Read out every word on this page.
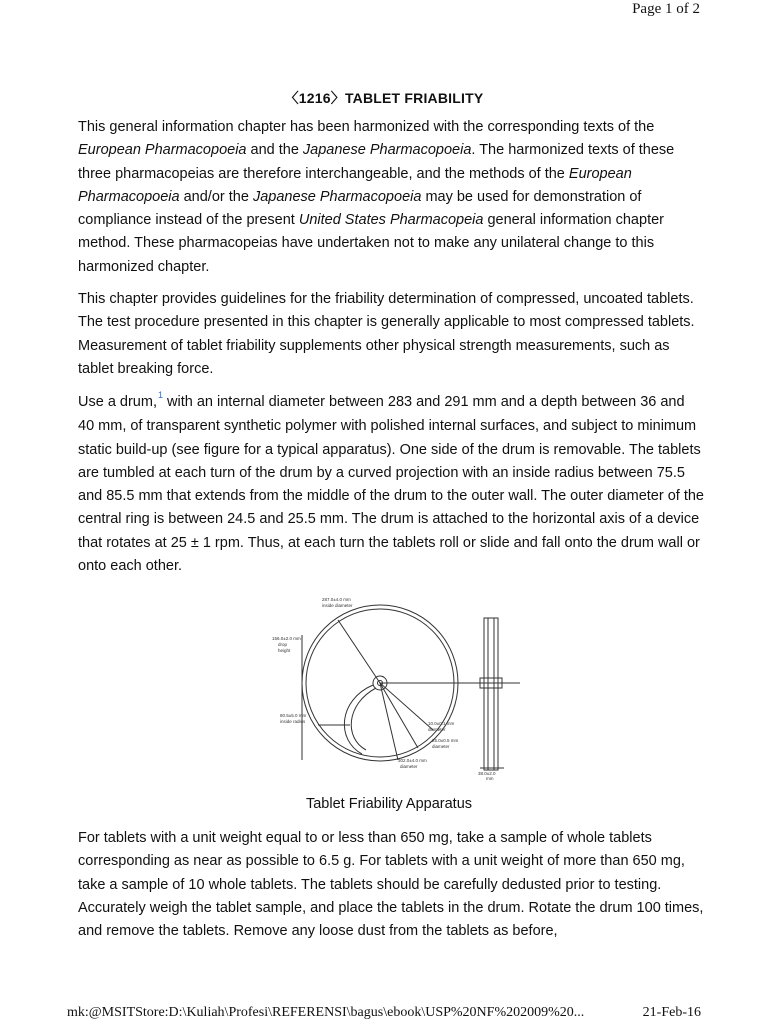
Page 1 of 2
〈1216〉TABLET FRIABILITY

This general information chapter has been harmonized with the corresponding texts of the European Pharmacopoeia and the Japanese Pharmacopoeia. The harmonized texts of these three pharmacopeias are therefore interchangeable, and the methods of the European Pharmacopoeia and/or the Japanese Pharmacopoeia may be used for demonstration of compliance instead of the present United States Pharmacopeia general information chapter method. These pharmacopeias have undertaken not to make any unilateral change to this harmonized chapter.

This chapter provides guidelines for the friability determination of compressed, uncoated tablets. The test procedure presented in this chapter is generally applicable to most compressed tablets. Measurement of tablet friability supplements other physical strength measurements, such as tablet breaking force.

Use a drum,$^1$ with an internal diameter between 283 and 291 mm and a depth between 36 and 40 mm, of transparent synthetic polymer with polished internal surfaces, and subject to minimum static build-up (see figure for a typical apparatus). One side of the drum is removable. The tablets are tumbled at each turn of the drum by a curved projection with an inside radius between 75.5 and 85.5 mm that extends from the middle of the drum to the outer wall. The outer diameter of the central ring is between 24.5 and 25.5 mm. The drum is attached to the horizontal axis of a device that rotates at 25 ± 1 rpm. Thus, at each turn the tablets roll or slide and fall onto the drum wall or onto each other.

287.0±4.0 mm
inside diameter
156.0±2.0 mm
drop
height
80.5±5.0 mm
inside radius	10.0±0.1 mm
diameter
25.0±0.5 mm
diameter
302.0±4.0 mm
diameter
38.0±2.0
mm
Tablet Friability Apparatus

For tablets with a unit weight equal to or less than 650 mg, take a sample of whole tablets corresponding as near as possible to 6.5 g. For tablets with a unit weight of more than 650 mg, take a sample of 10 whole tablets. The tablets should be carefully dedusted prior to testing. Accurately weigh the tablet sample, and place the tablets in the drum. Rotate the drum 100 times, and remove the tablets. Remove any loose dust from the tablets as before,

mk:@MSITStore:D:\Kuliah\Profesi\REFERENSI\bagus\ebook\USP%20NF%202009%20...	21-Feb-16
